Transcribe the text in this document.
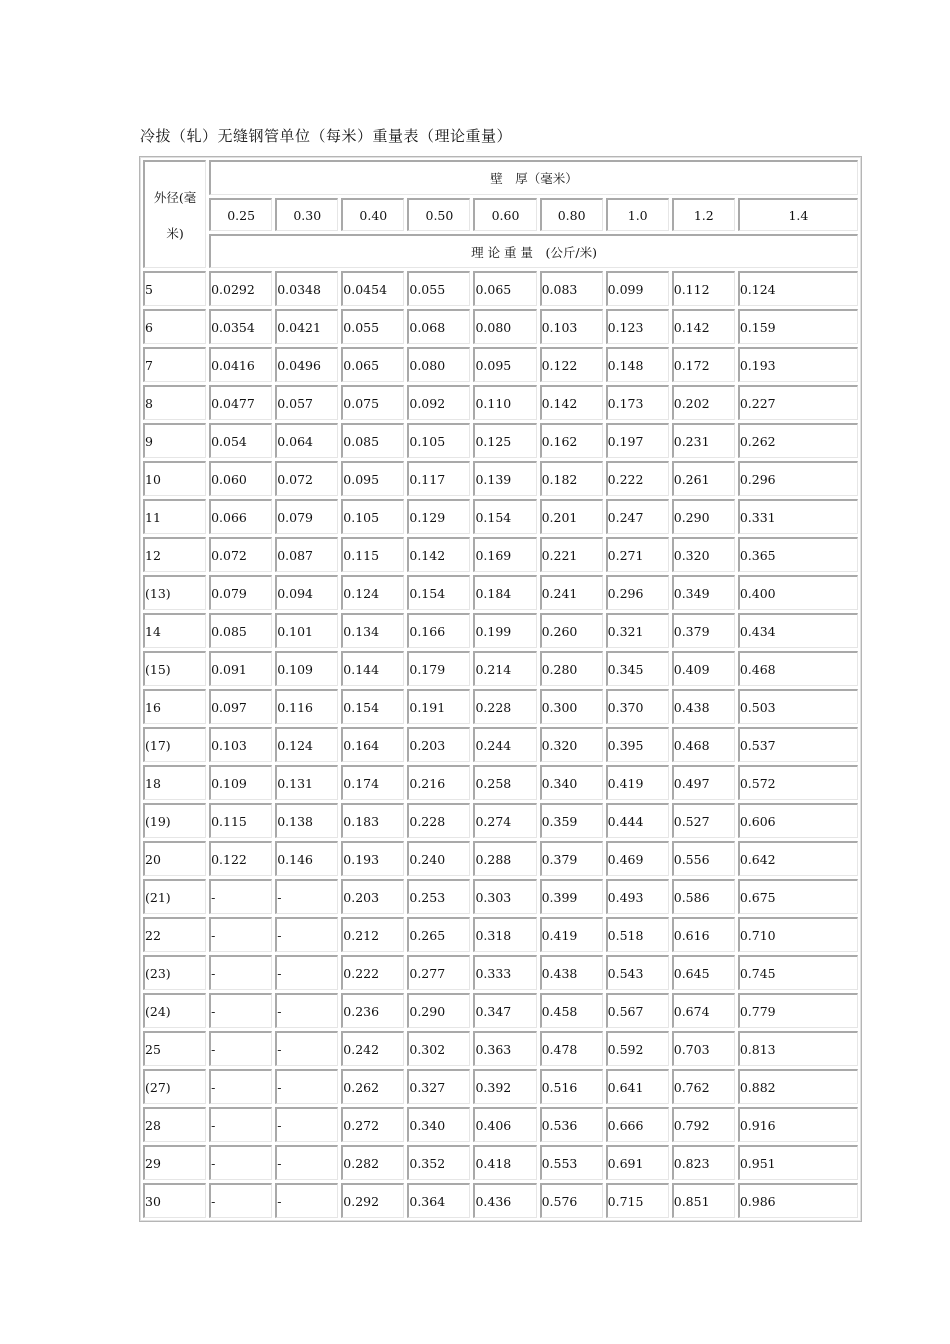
冷拔（轧）无缝钢管单位（每米）重量表（理论重量）
外径(毫
米)	壁　厚（毫米）								
	0.25	0.30	0.40	0.50	0.60	0.80	1.0	1.2	1.4
	理 论 重 量　(公斤/米)								
5	0.0292	0.0348	0.0454	0.055	0.065	0.083	0.099	0.112	0.124
6	0.0354	0.0421	0.055	0.068	0.080	0.103	0.123	0.142	0.159
7	0.0416	0.0496	0.065	0.080	0.095	0.122	0.148	0.172	0.193
8	0.0477	0.057	0.075	0.092	0.110	0.142	0.173	0.202	0.227
9	0.054	0.064	0.085	0.105	0.125	0.162	0.197	0.231	0.262
10	0.060	0.072	0.095	0.117	0.139	0.182	0.222	0.261	0.296
11	0.066	0.079	0.105	0.129	0.154	0.201	0.247	0.290	0.331
12	0.072	0.087	0.115	0.142	0.169	0.221	0.271	0.320	0.365
(13)	0.079	0.094	0.124	0.154	0.184	0.241	0.296	0.349	0.400
14	0.085	0.101	0.134	0.166	0.199	0.260	0.321	0.379	0.434
(15)	0.091	0.109	0.144	0.179	0.214	0.280	0.345	0.409	0.468
16	0.097	0.116	0.154	0.191	0.228	0.300	0.370	0.438	0.503
(17)	0.103	0.124	0.164	0.203	0.244	0.320	0.395	0.468	0.537
18	0.109	0.131	0.174	0.216	0.258	0.340	0.419	0.497	0.572
(19)	0.115	0.138	0.183	0.228	0.274	0.359	0.444	0.527	0.606
20	0.122	0.146	0.193	0.240	0.288	0.379	0.469	0.556	0.642
(21)	-	-	0.203	0.253	0.303	0.399	0.493	0.586	0.675
22	-	-	0.212	0.265	0.318	0.419	0.518	0.616	0.710
(23)	-	-	0.222	0.277	0.333	0.438	0.543	0.645	0.745
(24)	-	-	0.236	0.290	0.347	0.458	0.567	0.674	0.779
25	-	-	0.242	0.302	0.363	0.478	0.592	0.703	0.813
(27)	-	-	0.262	0.327	0.392	0.516	0.641	0.762	0.882
28	-	-	0.272	0.340	0.406	0.536	0.666	0.792	0.916
29	-	-	0.282	0.352	0.418	0.553	0.691	0.823	0.951
30	-	-	0.292	0.364	0.436	0.576	0.715	0.851	0.986
